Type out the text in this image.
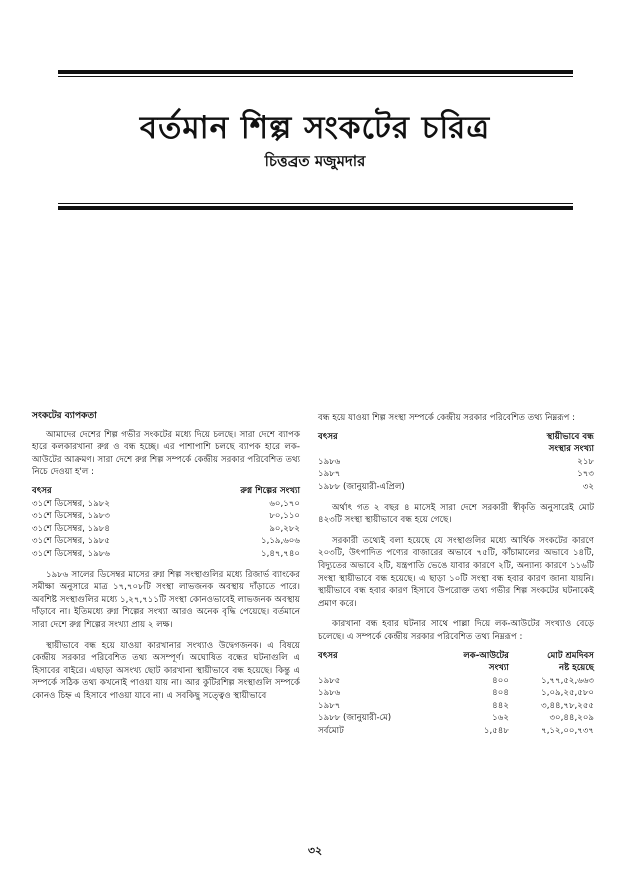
বর্তমান শিল্প সংকটের চরিত্র
চিত্তব্রত মজুমদার
সংকটের ব্যাপকতা

আমাদের দেশের শিল্প গভীর সংকটের মধ্যে দিয়ে চলছে। সারা দেশে ব্যাপক হারে কলকারখানা রুগ্ন ও বন্ধ হচ্ছে। এর পাশাপাশি চলছে ব্যাপক হারে লক-আউটের আক্রমণ। সারা দেশে রুগ্ন শিল্প সম্পর্কে কেন্দ্রীয় সরকার পরিবেশিত তথ্য নিচে দেওয়া হ'ল :

বৎসর	রুগ্ন শিল্পের সংখ্যা
৩১শে ডিসেম্বর, ১৯৮২	৬০,১৭০
৩১শে ডিসেম্বর, ১৯৮৩	৮০,১১০
৩১শে ডিসেম্বর, ১৯৮৪	৯০,২৮২
৩১শে ডিসেম্বর, ১৯৮৫	১,১৯,৬০৬
৩১শে ডিসেম্বর, ১৯৮৬	১,৪৭,৭৪০

১৯৮৬ সালের ডিসেম্বর মাসের রুগ্ন শিল্প সংস্থাগুলির মধ্যে রিজার্ভ ব্যাংকের সমীক্ষা অনুসারে মাত্র ১৭,৭০৮টি সংস্থা লাভজনক অবস্থায় দাঁড়াতে পারে। অবশিষ্ট সংস্থাগুলির মধ্যে ১,২৭,৭১১টি সংস্থা কোনওভাবেই লাভজনক অবস্থায় দাঁড়াবে না। ইতিমধ্যে রুগ্ন শিল্পের সংখ্যা আরও অনেক বৃদ্ধি পেয়েছে। বর্তমানে সারা দেশে রুগ্ন শিল্পের সংখ্যা প্রায় ২ লক্ষ।

স্থায়ীভাবে বন্ধ হয়ে যাওয়া কারখানার সংখ্যাও উদ্বেগজনক। এ বিষয়ে কেন্দ্রীয় সরকার পরিবেশিত তথ্য অসম্পূর্ণ। অঘোষিত বন্ধের ঘটনাগুলি এ হিসাবের বাইরে। এছাড়া অসংখ্য ছোট কারখানা স্থায়ীভাবে বন্ধ হয়েছে। কিন্তু এ সম্পর্কে সঠিক তথ্য কখনোই পাওয়া যায় না। আর কুটিরশিল্প সংস্থাগুলি সম্পর্কে কোনও চিহ্ন এ হিসাবে পাওয়া যাবে না। এ সবকিছু সত্ত্বেও স্থায়ীভাবে

বন্ধ হয়ে যাওয়া শিল্প সংস্থা সম্পর্কে কেন্দ্রীয় সরকার পরিবেশিত তথ্য নিম্নরূপ :

বৎসর	স্থায়ীভাবে বন্ধ
	সংস্থার সংখ্যা
১৯৮৬	২১৮
১৯৮৭	১৭৩
১৯৮৮ (জানুয়ারী-এপ্রিল)	৩২

অর্থাৎ গত ২ বছর ৪ মাসেই সারা দেশে সরকারী স্বীকৃতি অনুসারেই মোট ৪২৩টি সংস্থা স্থায়ীভাবে বন্ধ হয়ে গেছে।

সরকারী তথ্যেই বলা হয়েছে যে সংস্থাগুলির মধ্যে আর্থিক সংকটের কারণে ২০৩টি, উৎপাদিত পণ্যের বাজারের অভাবে ৭৫টি, কাঁচামালের অভাবে ১৪টি, বিদ্যুতের অভাবে ২টি, যন্ত্রপাতি ভেঙে যাবার কারণে ২টি, অন্যান্য কারণে ১১৬টি সংস্থা স্থায়ীভাবে বন্ধ হয়েছে। এ ছাড়া ১০টি সংস্থা বন্ধ হবার কারণ জানা যায়নি। স্থায়ীভাবে বন্ধ হবার কারণ হিসাবে উপরোক্ত তথ্য গভীর শিল্প সংকটের ঘটনাকেই প্রমাণ করে।

কারখানা বন্ধ হবার ঘটনার সাথে পাল্লা দিয়ে লক-আউটের সংখ্যাও বেড়ে চলেছে। এ সম্পর্কে কেন্দ্রীয় সরকার পরিবেশিত তথ্য নিম্নরূপ :

বৎসর	লক-আউটের	মোট শ্রমদিবস
	সংখ্যা	নষ্ট হয়েছে
১৯৮৫	৪০০	১,৭৭,৫২,৬৬৩
১৯৮৬	৪০৪	১,০৯,২৫,৫৮০
১৯৮৭	৪৪২	৩,৪৪,৭৮,২৫৫
১৯৮৮ (জানুয়ারী-মে)	১৬২	৩০,৪৪,২০৯
সর্বমোট	১,৫৪৮	৭,১২,০০,৭৩৭
৩২
